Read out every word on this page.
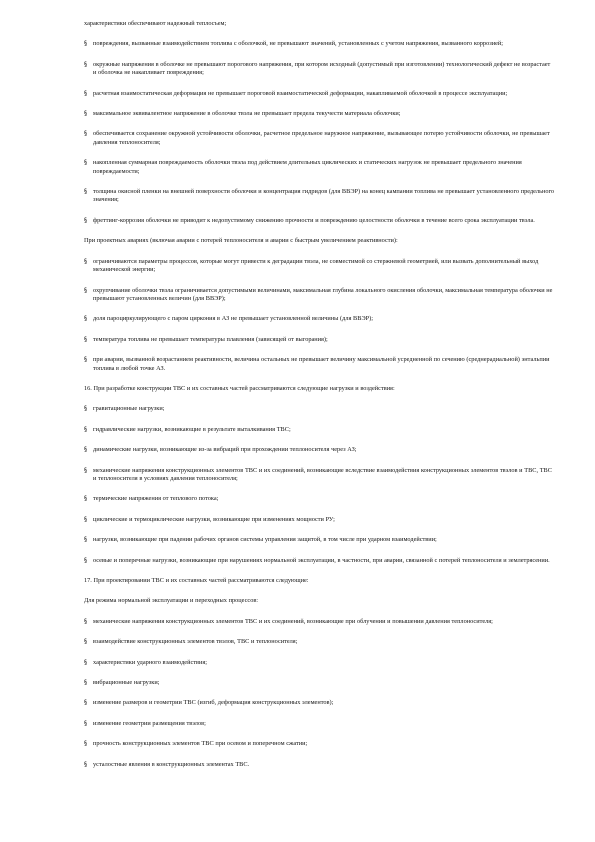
характеристики обеспечивают надежный теплосъем;
§ повреждения, вызванные взаимодействием топлива с оболочкой, не превышают значений, установленных с учетом напряжения, вызванного коррозией;
§ окружные напряжения в оболочке не превышают порогового напряжения, при котором исходный (допустимый при изготовлении) технологический дефект не возрастает и оболочка не накапливает повреждения;
§ расчетная взаимостатическая деформация не превышает пороговой взаимостатической деформации, накапливаемой оболочкой в процессе эксплуатации;
§ максимальное эквивалентное напряжение в оболочке твэла не превышает предела текучести материала оболочки;
§ обеспечивается сохранение окружной устойчивости оболочки, расчетное предельное наружное напряжение, вызывающее потерю устойчивости оболочки, не превышает давления теплоносителя;
§ накопленная суммарная повреждаемость оболочки твэла под действием длительных циклических и статических нагрузок не превышает предельного значения повреждаемости;
§ толщина окисной пленки на внешней поверхности оболочки и концентрация гидридов (для ВВЭР) на конец кампании топлива не превышает установленного предельного значения;
§ фреттинг-коррозия оболочки не приводит к недопустимому снижению прочности и повреждению целостности оболочки в течение всего срока эксплуатации твэла.
При проектных авариях (включая аварии с потерей теплоносителя и аварии с быстрым увеличением реактивности):
§ ограничиваются параметры процессов, которые могут привести к деградации твэла, не совместимой со стержневой геометрией, или вызвать дополнительный выход механической энергии;
§ охрупчивание оболочки твэла ограничивается допустимыми величинами, максимальная глубина локального окисления оболочки, максимальная температура оболочки не превышают установленных величин (для ВВЭР);
§ доля пароциркулирующего с паром циркония в АЗ не превышает установленной величины (для ВВЭР);
§ температура топлива не превышает температуры плавления (зависящей от выгорания);
§ при аварии, вызванной возрастанием реактивности, величина остальных не превышает величину максимальной усредненной по сечению (среднерадиальной) энтальпии топлива в любой точке АЗ.
16. При разработке конструкции ТВС и их составных частей рассматриваются следующие нагрузки и воздействия:
§ гравитационные нагрузки;
§ гидравлические нагрузки, возникающие в результате выталкивания ТВС;
§ динамические нагрузки, возникающие из-за вибраций при прохождении теплоносителя через АЗ;
§ механические напряжения конструкционных элементов ТВС и их соединений, возникающие вследствие взаимодействия конструкционных элементов твэлов и ТВС, ТВС и теплоносителя в условиях давления теплоносителя;
§ термические напряжения от теплового потока;
§ циклические и термоциклические нагрузки, возникающие при изменениях мощности РУ;
§ нагрузки, возникающие при падении рабочих органов системы управления защитой, в том числе при ударном взаимодействии;
§ осевые и поперечные нагрузки, возникающие при нарушениях нормальной эксплуатации, в частности, при аварии, связанной с потерей теплоносителя и землетрясении.
17. При проектировании ТВС и их составных частей рассматриваются следующие:
Для режима нормальной эксплуатации и переходных процессов:
§ механические напряжения конструкционных элементов ТВС и их соединений, возникающие при облучении и повышении давления теплоносителя;
§ взаимодействие конструкционных элементов твэлов, ТВС и теплоносителя;
§ характеристики ударного взаимодействия;
§ вибрационные нагрузки;
§ изменение размеров и геометрии ТВС (изгиб, деформация конструкционных элементов);
§ изменение геометрии размещения твэлов;
§ прочность конструкционных элементов ТВС при осевом и поперечном сжатии;
§ усталостные явления в конструкционных элементах ТВС.
